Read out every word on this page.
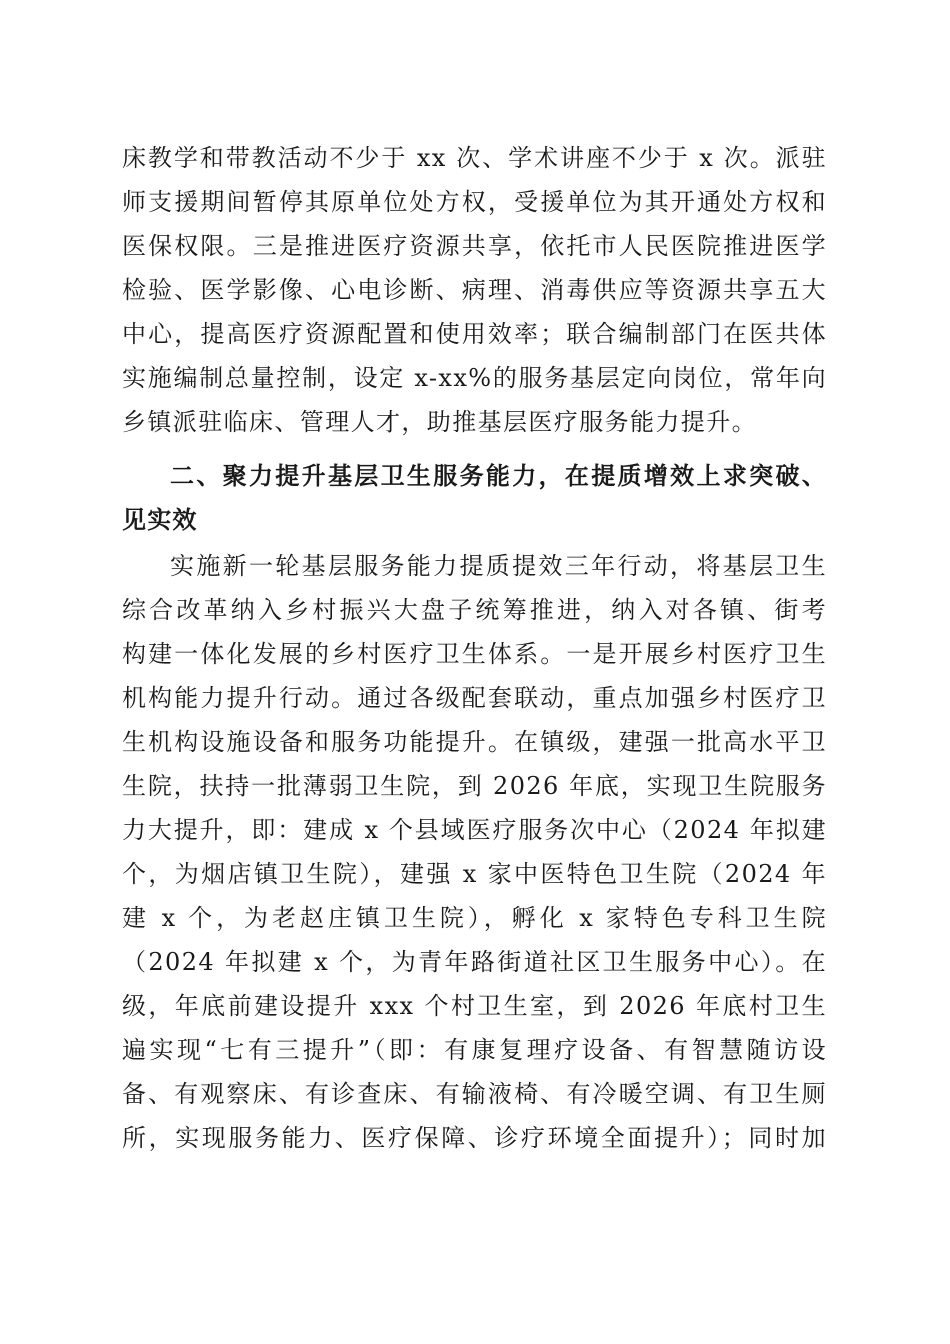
床教学和带教活动不少于 xx 次、学术讲座不少于 x 次。派驻
师支援期间暂停其原单位处方权，受援单位为其开通处方权和
医保权限。三是推进医疗资源共享，依托市人民医院推进医学
检验、医学影像、心电诊断、病理、消毒供应等资源共享五大
中心，提高医疗资源配置和使用效率；联合编制部门在医共体
实施编制总量控制，设定 x-xx%的服务基层定向岗位，常年向
乡镇派驻临床、管理人才，助推基层医疗服务能力提升。
二、聚力提升基层卫生服务能力，在提质增效上求突破、
见实效
实施新一轮基层服务能力提质提效三年行动，将基层卫生
综合改革纳入乡村振兴大盘子统筹推进，纳入对各镇、街考
构建一体化发展的乡村医疗卫生体系。一是开展乡村医疗卫生
机构能力提升行动。通过各级配套联动，重点加强乡村医疗卫
生机构设施设备和服务功能提升。在镇级，建强一批高水平卫
生院，扶持一批薄弱卫生院，到 2026 年底，实现卫生院服务
力大提升，即：建成 x 个县域医疗服务次中心（2024 年拟建
个，为烟店镇卫生院），建强 x 家中医特色卫生院（2024 年
建 x 个，为老赵庄镇卫生院），孵化 x 家特色专科卫生院
（2024 年拟建 x 个，为青年路街道社区卫生服务中心）。在
级，年底前建设提升 xxx 个村卫生室，到 2026 年底村卫生
遍实现“七有三提升”（即：有康复理疗设备、有智慧随访设
备、有观察床、有诊查床、有输液椅、有冷暖空调、有卫生厕
所，实现服务能力、医疗保障、诊疗环境全面提升）；同时加
